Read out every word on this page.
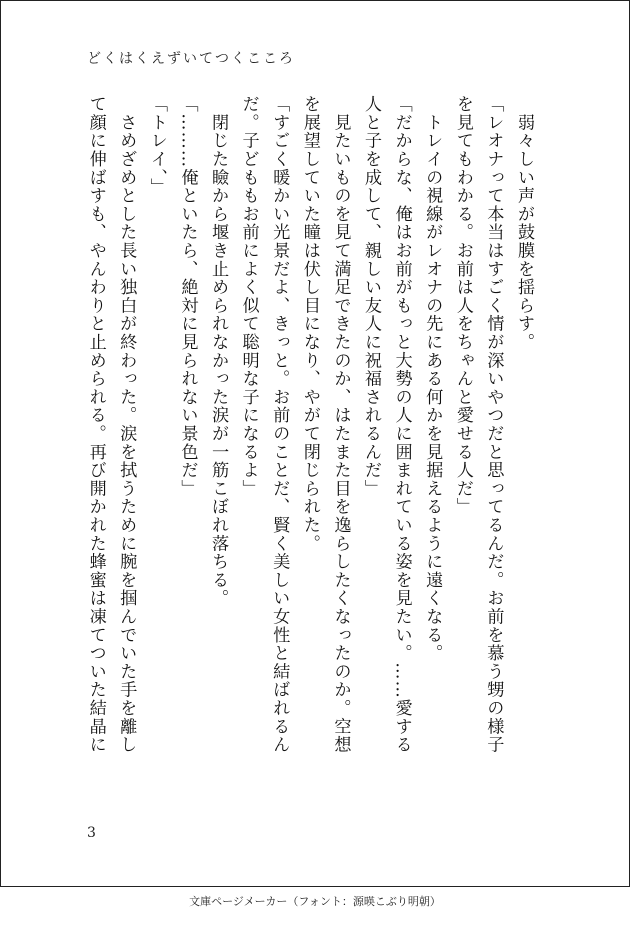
どくはくえずいてつくこころ
　弱々しい声が鼓膜を揺らす。
「レオナって本当はすごく情が深いやつだと思ってるんだ。お前を慕う甥の様子
を見てもわかる。お前は人をちゃんと愛せる人だ」
　トレイの視線がレオナの先にある何かを見据えるように遠くなる。
「だからな、俺はお前がもっと大勢の人に囲まれている姿を見たい。……愛する
人と子を成して、親しい友人に祝福されるんだ」
　見たいものを見て満足できたのか、はたまた目を逸らしたくなったのか。空想
を展望していた瞳は伏し目になり、やがて閉じられた。
「すごく暖かい光景だよ、きっと。お前のことだ、賢く美しい女性と結ばれるん
だ。子どももお前によく似て聡明な子になるよ」
　閉じた瞼から堰き止められなかった涙が一筋こぼれ落ちる。
「………俺といたら、絶対に見られない景色だ」
「トレイ、」
　さめざめとした長い独白が終わった。涙を拭うために腕を掴んでいた手を離し
て顔に伸ばすも、やんわりと止められる。再び開かれた蜂蜜は凍てついた結晶に
3
文庫ページメーカー（フォント：源暎こぶり明朝）
